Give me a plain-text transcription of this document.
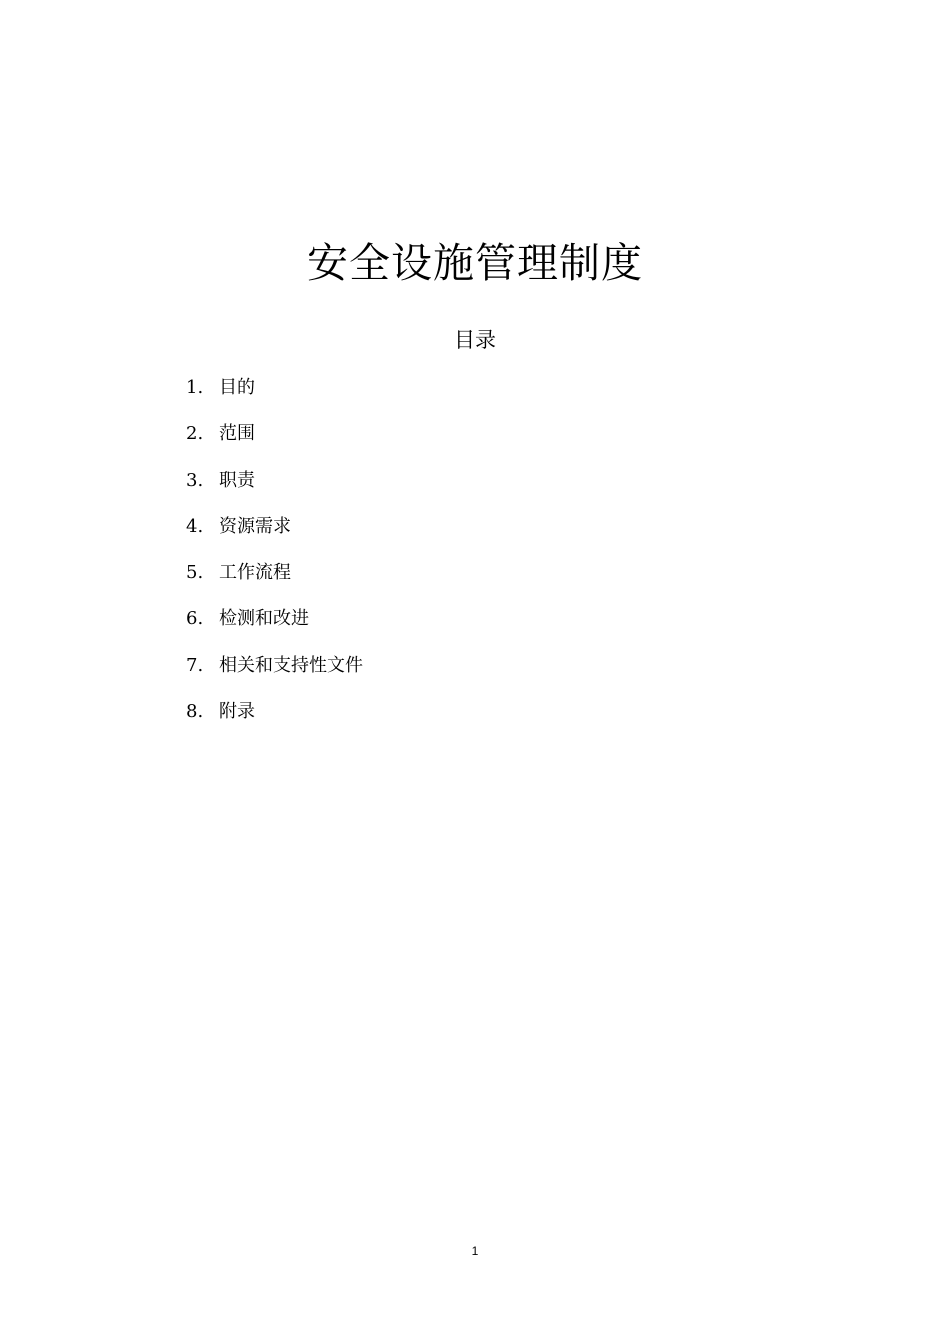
安全设施管理制度
目录
1. 目的
2. 范围
3. 职责
4. 资源需求
5. 工作流程
6. 检测和改进
7. 相关和支持性文件
8. 附录
1
